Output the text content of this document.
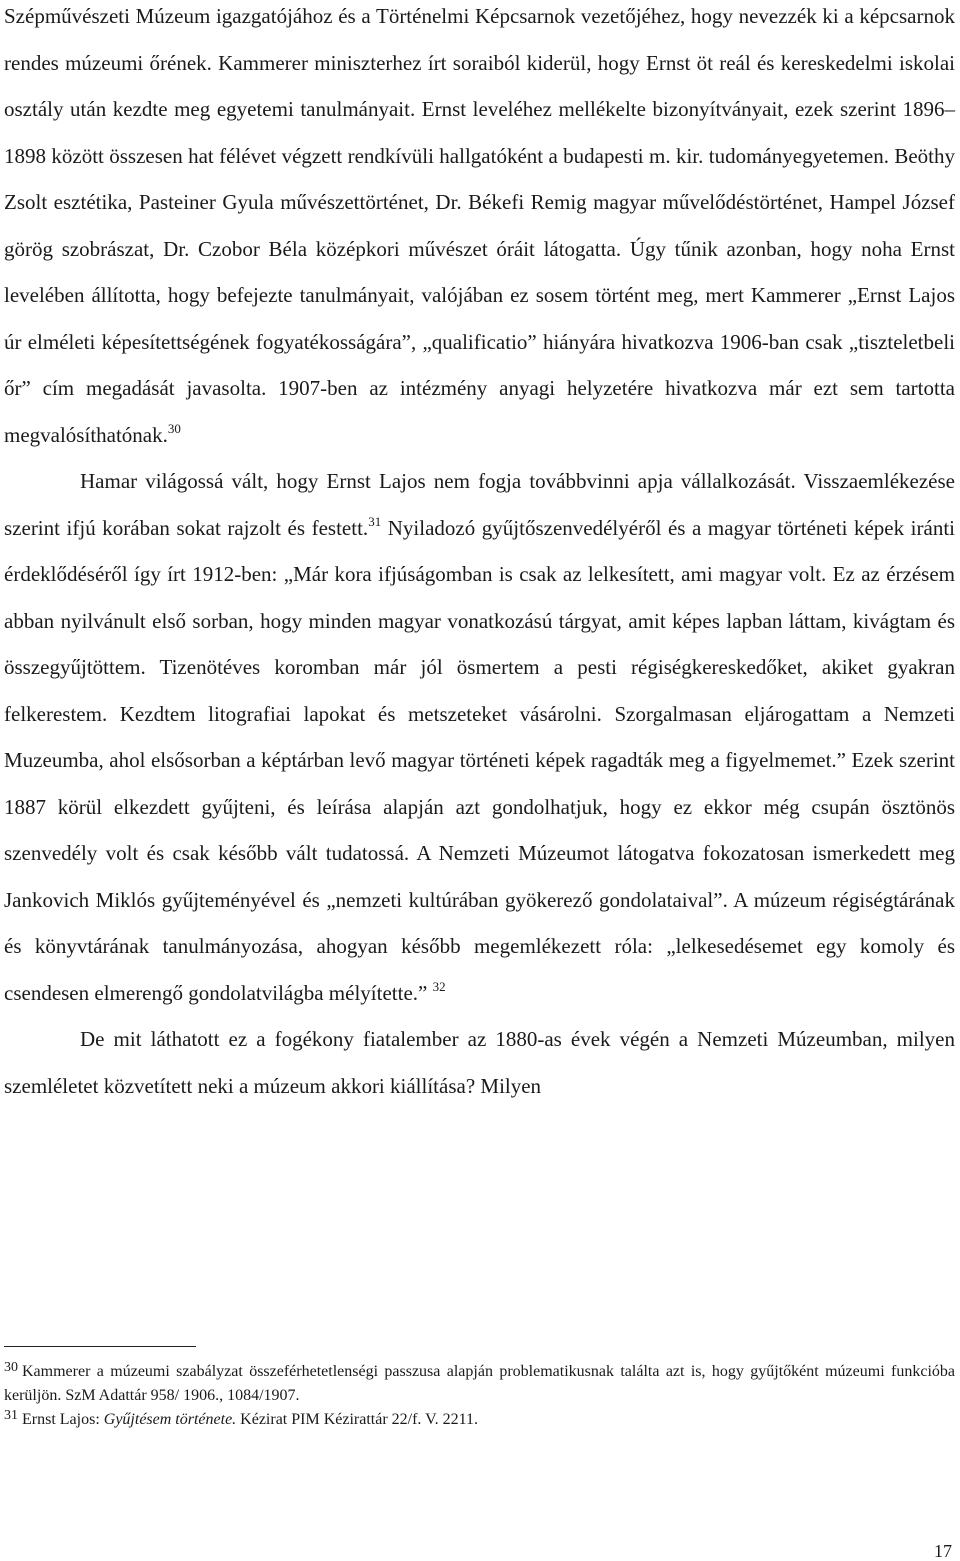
Szépművészeti Múzeum igazgatójához és a Történelmi Képcsarnok vezetőjéhez, hogy nevezzék ki a képcsarnok rendes múzeumi őrének. Kammerer miniszterhez írt soraiból kiderül, hogy Ernst öt reál és kereskedelmi iskolai osztály után kezdte meg egyetemi tanulmányait. Ernst leveléhez mellékelte bizonyítványait, ezek szerint 1896–1898 között összesen hat félévet végzett rendkívüli hallgatóként a budapesti m. kir. tudományegyetemen. Beöthy Zsolt esztétika, Pasteiner Gyula művészettörténet, Dr. Békefi Remig magyar művelődéstörténet, Hampel József görög szobrászat, Dr. Czobor Béla középkori művészet óráit látogatta. Úgy tűnik azonban, hogy noha Ernst levelében állította, hogy befejezte tanulmányait, valójában ez sosem történt meg, mert Kammerer „Ernst Lajos úr elméleti képesítettségének fogyatékosságára”, „qualificatio” hiányára hivatkozva 1906-ban csak „tiszteletbeli őr” cím megadását javasolta. 1907-ben az intézmény anyagi helyzetére hivatkozva már ezt sem tartotta megvalósíthatónak.$^{30}$

Hamar világossá vált, hogy Ernst Lajos nem fogja továbbvinni apja vállalkozását. Visszaemlékezése szerint ifjú korában sokat rajzolt és festett.$^{31}$ Nyiladozó gyűjtőszenvedélyéről és a magyar történeti képek iránti érdeklődéséről így írt 1912-ben: „Már kora ifjúságomban is csak az lelkesített, ami magyar volt. Ez az érzésem abban nyilvánult első sorban, hogy minden magyar vonatkozású tárgyat, amit képes lapban láttam, kivágtam és összegyűjtöttem. Tizenötéves koromban már jól ösmertem a pesti régiségkereskedőket, akiket gyakran felkerestem. Kezdtem litografiai lapokat és metszeteket vásárolni. Szorgalmasan eljárogattam a Nemzeti Muzeumba, ahol elsősorban a képtárban levő magyar történeti képek ragadták meg a figyelmemet.” Ezek szerint 1887 körül elkezdett gyűjteni, és leírása alapján azt gondolhatjuk, hogy ez ekkor még csupán ösztönös szenvedély volt és csak később vált tudatossá. A Nemzeti Múzeumot látogatva fokozatosan ismerkedett meg Jankovich Miklós gyűjteményével és „nemzeti kultúrában gyökerező gondolataival”. A múzeum régiségtárának és könyvtárának tanulmányozása, ahogyan később megemlékezett róla: „lelkesedésemet egy komoly és csendesen elmerengő gondolatvilágba mélyítette.” $^{32}$

De mit láthatott ez a fogékony fiatalember az 1880-as évek végén a Nemzeti Múzeumban, milyen szemléletet közvetített neki a múzeum akkori kiállítása? Milyen

$^{30}$ Kammerer a múzeumi szabályzat összeférhetetlenségi passzusa alapján problematikusnak találta azt is, hogy gyűjtőként múzeumi funkcióba kerüljön. SzM Adattár 958/ 1906., 1084/1907.

$^{31}$ Ernst Lajos: Gyűjtésem története. Kézirat PIM Kézirattár 22/f. V. 2211.

17
